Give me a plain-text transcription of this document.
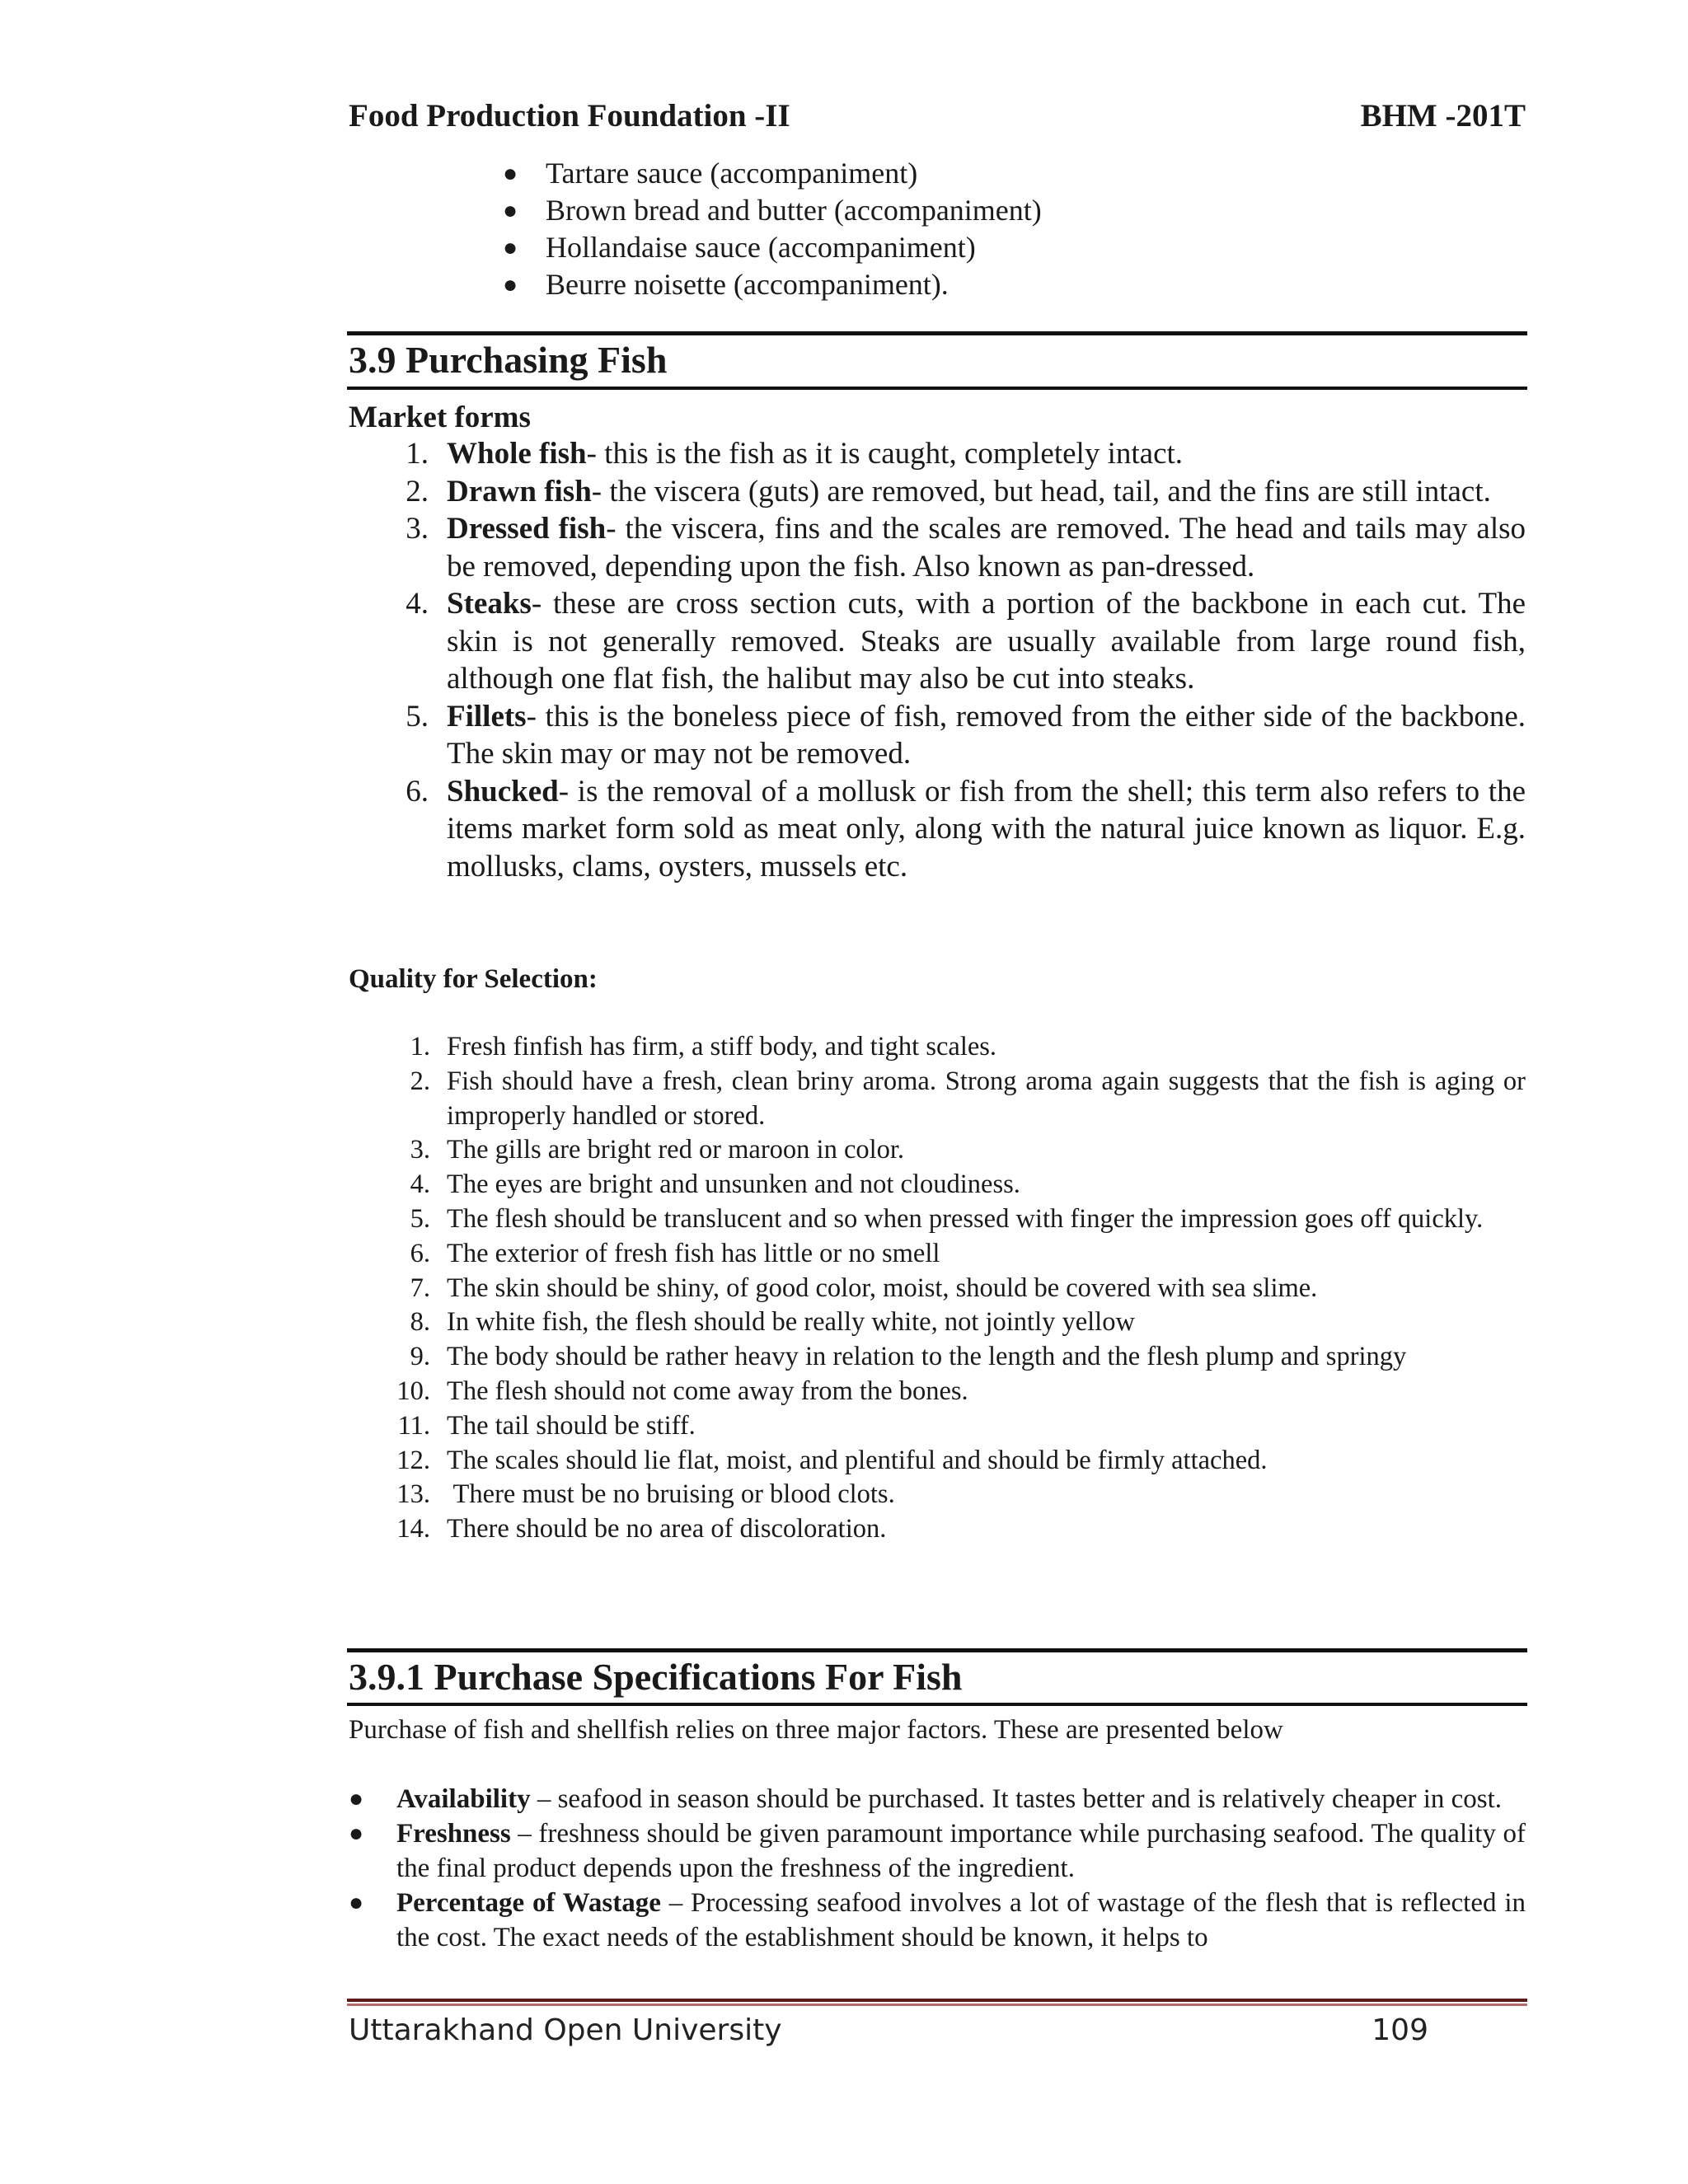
Food Production Foundation -II	BHM -201T
● Tartare sauce (accompaniment)
● Brown bread and butter (accompaniment)
● Hollandaise sauce (accompaniment)
● Beurre noisette (accompaniment).
3.9 Purchasing Fish
Market forms
1. Whole fish- this is the fish as it is caught, completely intact.
2. Drawn fish- the viscera (guts) are removed, but head, tail, and the fins are still intact.
3. Dressed fish- the viscera, fins and the scales are removed. The head and tails may also be removed, depending upon the fish. Also known as pan-dressed.
4. Steaks- these are cross section cuts, with a portion of the backbone in each cut. The skin is not generally removed. Steaks are usually available from large round fish, although one flat fish, the halibut may also be cut into steaks.
5. Fillets- this is the boneless piece of fish, removed from the either side of the backbone. The skin may or may not be removed.
6. Shucked- is the removal of a mollusk or fish from the shell; this term also refers to the items market form sold as meat only, along with the natural juice known as liquor. E.g. mollusks, clams, oysters, mussels etc.
Quality for Selection:
1. Fresh finfish has firm, a stiff body, and tight scales.
2. Fish should have a fresh, clean briny aroma. Strong aroma again suggests that the fish is aging or improperly handled or stored.
3. The gills are bright red or maroon in color.
4. The eyes are bright and unsunken and not cloudiness.
5. The flesh should be translucent and so when pressed with finger the impression goes off quickly.
6. The exterior of fresh fish has little or no smell
7. The skin should be shiny, of good color, moist, should be covered with sea slime.
8. In white fish, the flesh should be really white, not jointly yellow
9. The body should be rather heavy in relation to the length and the flesh plump and springy
10. The flesh should not come away from the bones.
11. The tail should be stiff.
12. The scales should lie flat, moist, and plentiful and should be firmly attached.
13. There must be no bruising or blood clots.
14. There should be no area of discoloration.
3.9.1 Purchase Specifications For Fish
Purchase of fish and shellfish relies on three major factors. These are presented below
● Availability – seafood in season should be purchased. It tastes better and is relatively cheaper in cost.
● Freshness – freshness should be given paramount importance while purchasing seafood. The quality of the final product depends upon the freshness of the ingredient.
● Percentage of Wastage – Processing seafood involves a lot of wastage of the flesh that is reflected in the cost. The exact needs of the establishment should be known, it helps to
Uttarakhand Open University	109
